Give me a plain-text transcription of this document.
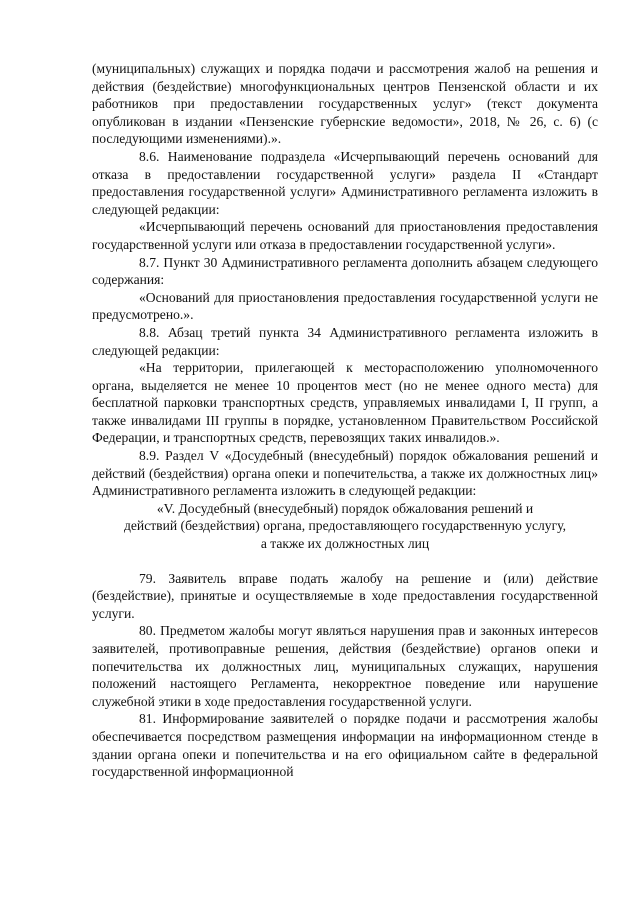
(муниципальных) служащих и порядка подачи и рассмотрения жалоб на решения и действия (бездействие) многофункциональных центров Пензенской области и их работников при предоставлении государственных услуг» (текст документа опубликован в издании «Пензенские губернские ведомости», 2018, № 26, с. 6) (с последующими изменениями).».

8.6. Наименование подраздела «Исчерпывающий перечень оснований для отказа в предоставлении государственной услуги» раздела II «Стандарт предоставления государственной услуги» Административного регламента изложить в следующей редакции:

«Исчерпывающий перечень оснований для приостановления предоставления государственной услуги или отказа в предоставлении государственной услуги».

8.7. Пункт 30 Административного регламента дополнить абзацем следующего содержания:

«Оснований для приостановления предоставления государственной услуги не предусмотрено.».

8.8. Абзац третий пункта 34 Административного регламента изложить в следующей редакции:

«На территории, прилегающей к месторасположению уполномоченного органа, выделяется не менее 10 процентов мест (но не менее одного места) для бесплатной парковки транспортных средств, управляемых инвалидами I, II групп, а также инвалидами III группы в порядке, установленном Правительством Российской Федерации, и транспортных средств, перевозящих таких инвалидов.».

8.9. Раздел V «Досудебный (внесудебный) порядок обжалования решений и действий (бездействия) органа опеки и попечительства, а также их должностных лиц» Административного регламента изложить в следующей редакции:

«V. Досудебный (внесудебный) порядок обжалования решений и

действий (бездействия) органа, предоставляющего государственную услугу,

а также их должностных лиц

79. Заявитель вправе подать жалобу на решение и (или) действие (бездействие), принятые и осуществляемые в ходе предоставления государственной услуги.

80. Предметом жалобы могут являться нарушения прав и законных интересов заявителей, противоправные решения, действия (бездействие) органов опеки и попечительства их должностных лиц, муниципальных служащих, нарушения положений настоящего Регламента, некорректное поведение или нарушение служебной этики в ходе предоставления государственной услуги.

81. Информирование заявителей о порядке подачи и рассмотрения жалобы обеспечивается посредством размещения информации на информационном стенде в здании органа опеки и попечительства и на его официальном сайте в федеральной государственной информационной
